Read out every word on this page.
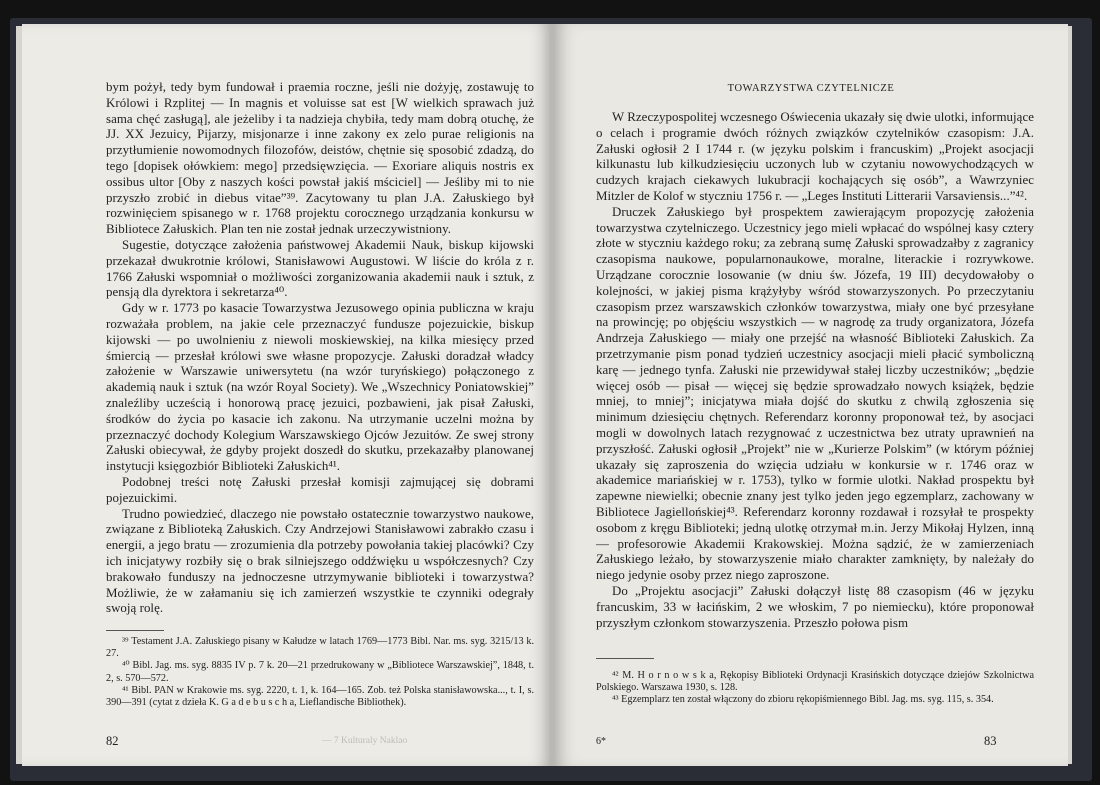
bym pożył, tedy bym fundował i praemia roczne, jeśli nie dożyję, zostawuję to Królowi i Rzplitej — In magnis et voluisse sat est [W wielkich sprawach już sama chęć zasługą], ale jeżeliby i ta nadzieja chybiła, tedy mam dobrą otuchę, że JJ. XX Jezuicy, Pijarzy, misjonarze i inne zakony ex zelo purae religionis na przytłumienie nowomodnych filozofów, deistów, chętnie się sposobić zdadzą, do tego [dopisek ołówkiem: mego] przedsięwzięcia. — Exoriare aliquis nostris ex ossibus ultor [Oby z naszych kości powstał jakiś mściciel] — Jeśliby mi to nie przyszło zrobić in diebus vitae”³⁹. Zacytowany tu plan J.A. Załuskiego był rozwinięciem spisanego w r. 1768 projektu corocznego urządzania konkursu w Bibliotece Załuskich. Plan ten nie został jednak urzeczywistniony.

Sugestie, dotyczące założenia państwowej Akademii Nauk, biskup kijowski przekazał dwukrotnie królowi, Stanisławowi Augustowi. W liście do króla z r. 1766 Załuski wspomniał o możliwości zorganizowania akademii nauk i sztuk, z pensją dla dyrektora i sekretarza⁴⁰.

Gdy w r. 1773 po kasacie Towarzystwa Jezusowego opinia publiczna w kraju rozważała problem, na jakie cele przeznaczyć fundusze pojezuickie, biskup kijowski — po uwolnieniu z niewoli moskiewskiej, na kilka miesięcy przed śmiercią — przesłał królowi swe własne propozycje. Załuski doradzał władcy założenie w Warszawie uniwersytetu (na wzór turyńskiego) połączonego z akademią nauk i sztuk (na wzór Royal Society). We „Wszechnicy Poniatowskiej” znaleźliby ucześcią i honorową pracę jezuici, pozbawieni, jak pisał Załuski, środków do życia po kasacie ich zakonu. Na utrzymanie uczelni można by przeznaczyć dochody Kolegium Warszawskiego Ojców Jezuitów. Ze swej strony Załuski obiecywał, że gdyby projekt doszedł do skutku, przekazałby planowanej instytucji księgozbiór Biblioteki Załuskich⁴¹.

Podobnej treści notę Załuski przesłał komisji zajmującej się dobrami pojezuickimi.

Trudno powiedzieć, dlaczego nie powstało ostatecznie towarzystwo naukowe, związane z Biblioteką Załuskich. Czy Andrzejowi Stanisławowi zabrakło czasu i energii, a jego bratu — zrozumienia dla potrzeby powołania takiej placówki? Czy ich inicjatywy rozbiły się o brak silniejszego oddźwięku u współczesnych? Czy brakowało funduszy na jednoczesne utrzymywanie biblioteki i towarzystwa? Możliwie, że w załamaniu się ich zamierzeń wszystkie te czynniki odegrały swoją rolę.

³⁹ Testament J.A. Załuskiego pisany w Kałudze w latach 1769—1773 Bibl. Nar. ms. syg. 3215/13 k. 27.

⁴⁰ Bibl. Jag. ms. syg. 8835 IV p. 7 k. 20—21 przedrukowany w „Bibliotece Warszawskiej”, 1848, t. 2, s. 570—572.

⁴¹ Bibl. PAN w Krakowie ms. syg. 2220, t. 1, k. 164—165. Zob. też Polska stanisławowska..., t. I, s. 390—391 (cytat z dzieła K. G a d e b u s c h a, Lieflandische Bibliothek).

82	— 7 Kulturaly Naklao
TOWARZYSTWA CZYTELNICZE

W Rzeczypospolitej wczesnego Oświecenia ukazały się dwie ulotki, informujące o celach i programie dwóch różnych związków czytelników czasopism: J.A. Załuski ogłosił 2 I 1744 r. (w języku polskim i francuskim) „Projekt asocjacji kilkunastu lub kilkudziesięciu uczonych lub w czytaniu nowowychodzących w cudzych krajach ciekawych lukubracji kochających się osób”, a Wawrzyniec Mitzler de Kolof w styczniu 1756 r. — „Leges Instituti Litterarii Varsaviensis...”⁴².

Druczek Załuskiego był prospektem zawierającym propozycję założenia towarzystwa czytelniczego. Uczestnicy jego mieli wpłacać do wspólnej kasy cztery złote w styczniu każdego roku; za zebraną sumę Załuski sprowadzałby z zagranicy czasopisma naukowe, popularnonaukowe, moralne, literackie i rozrywkowe. Urządzane corocznie losowanie (w dniu św. Józefa, 19 III) decydowałoby o kolejności, w jakiej pisma krążyłyby wśród stowarzyszonych. Po przeczytaniu czasopism przez warszawskich członków towarzystwa, miały one być przesyłane na prowincję; po objęściu wszystkich — w nagrodę za trudy organizatora, Józefa Andrzeja Załuskiego — miały one przejść na własność Biblioteki Załuskich. Za przetrzymanie pism ponad tydzień uczestnicy asocjacji mieli płacić symboliczną karę — jednego tynfa. Załuski nie przewidywał stałej liczby uczestników; „będzie więcej osób — pisał — więcej się będzie sprowadzało nowych książek, będzie mniej, to mniej”; inicjatywa miała dojść do skutku z chwilą zgłoszenia się minimum dziesięciu chętnych. Referendarz koronny proponował też, by asocjaci mogli w dowolnych latach rezygnować z uczestnictwa bez utraty uprawnień na przyszłość. Załuski ogłosił „Projekt” nie w „Kurierze Polskim” (w którym później ukazały się zaproszenia do wzięcia udziału w konkursie w r. 1746 oraz w akademice mariańskiej w r. 1753), tylko w formie ulotki. Nakład prospektu był zapewne niewielki; obecnie znany jest tylko jeden jego egzemplarz, zachowany w Bibliotece Jagiellońskiej⁴³. Referendarz koronny rozdawał i rozsyłał te prospekty osobom z kręgu Biblioteki; jedną ulotkę otrzymał m.in. Jerzy Mikołaj Hylzen, inną — profesorowie Akademii Krakowskiej. Można sądzić, że w zamierzeniach Załuskiego leżało, by stowarzyszenie miało charakter zamknięty, by należały do niego jedynie osoby przez niego zaproszone.

Do „Projektu asocjacji” Załuski dołączył listę 88 czasopism (46 w języku francuskim, 33 w łacińskim, 2 we włoskim, 7 po niemiecku), które proponował przyszłym członkom stowarzyszenia. Przeszło połowa pism

⁴² M. H o r n o w s k a, Rękopisy Biblioteki Ordynacji Krasińskich dotyczące dziejów Szkolnictwa Polskiego. Warszawa 1930, s. 128.

⁴³ Egzemplarz ten został włączony do zbioru rękopiśmiennego Bibl. Jag. ms. syg. 115, s. 354.

6*	83
